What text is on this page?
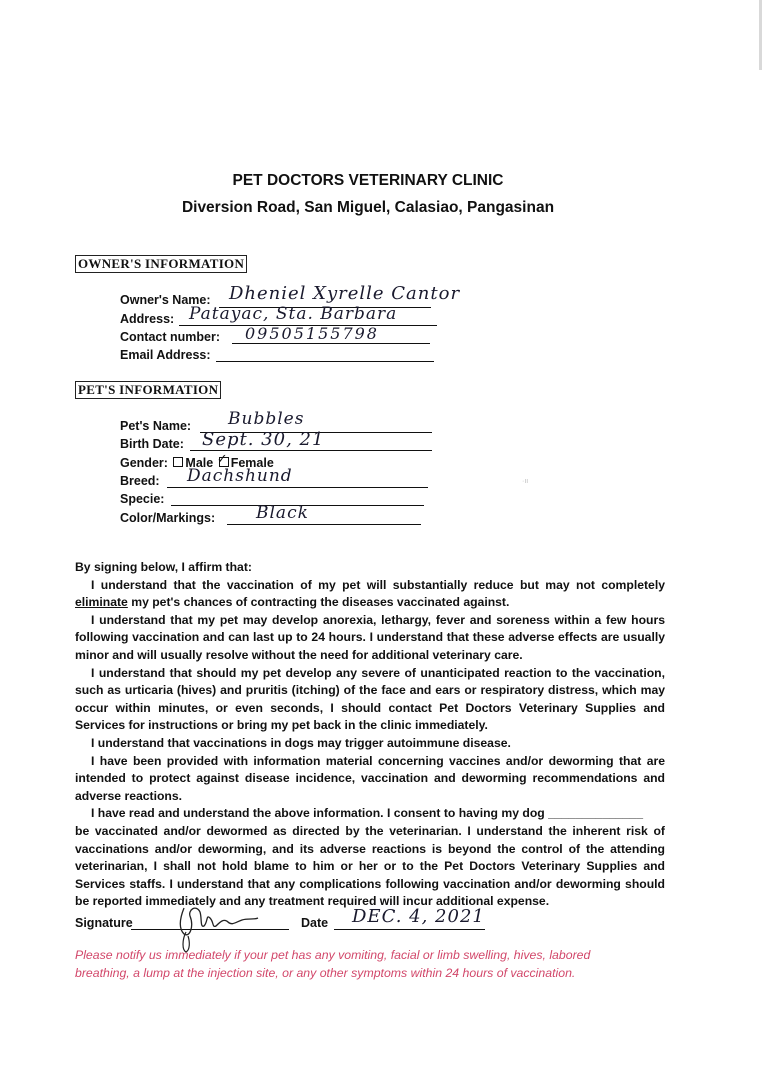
PET DOCTORS VETERINARY CLINIC
Diversion Road, San Miguel, Calasiao, Pangasinan
OWNER'S INFORMATION
Owner's Name: Dheniel Xyrelle Cantor
Address: Patayac, Sta. Barbara
Contact number: 09505155798
Email Address:
PET'S INFORMATION
Pet's Name: Bubbles
Birth Date: Sept. 30, 21
Gender: Male ✓ Female
Breed: Dachshund
Specie:
Color/Markings: Black
·ıı

By signing below, I affirm that:

I understand that the vaccination of my pet will substantially reduce but may not completely eliminate my pet's chances of contracting the diseases vaccinated against.

I understand that my pet may develop anorexia, lethargy, fever and soreness within a few hours following vaccination and can last up to 24 hours. I understand that these adverse effects are usually minor and will usually resolve without the need for additional veterinary care.

I understand that should my pet develop any severe of unanticipated reaction to the vaccination, such as urticaria (hives) and pruritis (itching) of the face and ears or respiratory distress, which may occur within minutes, or even seconds, I should contact Pet Doctors Veterinary Supplies and Services for instructions or bring my pet back in the clinic immediately.

I understand that vaccinations in dogs may trigger autoimmune disease.

I have been provided with information material concerning vaccines and/or deworming that are intended to protect against disease incidence, vaccination and deworming recommendations and adverse reactions.

I have read and understand the above information. I consent to having my dog ______________

be vaccinated and/or dewormed as directed by the veterinarian. I understand the inherent risk of vaccinations and/or deworming, and its adverse reactions is beyond the control of the attending veterinarian, I shall not hold blame to him or her or to the Pet Doctors Veterinary Supplies and Services staffs. I understand that any complications following vaccination and/or deworming should be reported immediately and any treatment required will incur additional expense.

Signature	Date DEC. 4, 2021
Please notify us immediately if your pet has any vomiting, facial or limb swelling, hives, labored breathing, a lump at the injection site, or any other symptoms within 24 hours of vaccination.
